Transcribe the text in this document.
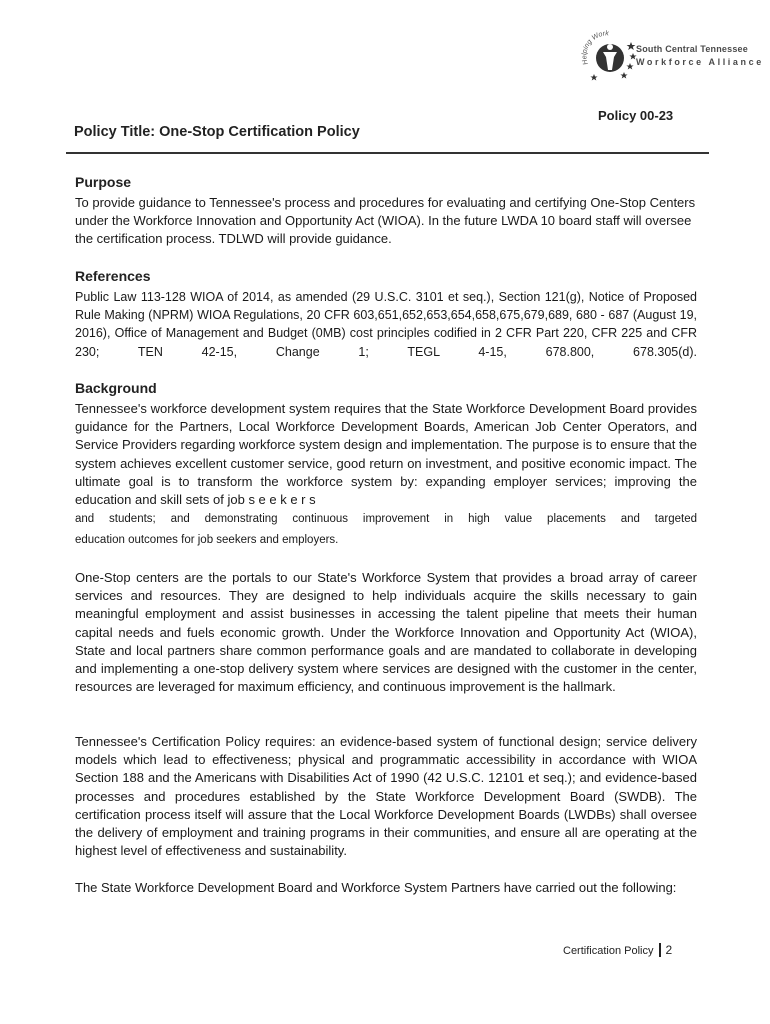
Helping Work
South Central Tennessee
Workforce Alliance
Policy 00-23
Policy Title: One-Stop Certification Policy
Purpose

To provide guidance to Tennessee's process and procedures for evaluating and certifying One-Stop Centers under the Workforce Innovation and Opportunity Act (WIOA). In the future LWDA 10 board staff will oversee the certification process. TDLWD will provide guidance.

References

Public Law 113-128 WIOA of 2014, as amended (29 U.S.C. 3101 et seq.), Section 121(g), Notice of Proposed Rule Making (NPRM) WIOA Regulations, 20 CFR 603,651,652,653,654,658,675,679,689, 680 - 687 (August 19, 2016), Office of Management and Budget (0MB) cost principles codified in 2 CFR Part 220, CFR 225 and CFR 230; TEN 42-15, Change 1; TEGL 4-15, 678.800, 678.305(d).

Background

Tennessee's workforce development system requires that the State Workforce Development Board provides guidance for the Partners, Local Workforce Development Boards, American Job Center Operators, and Service Providers regarding workforce system design and implementation. The purpose is to ensure that the system achieves excellent customer service, good return on investment, and positive economic impact. The ultimate goal is to transform the workforce system by: expanding employer services; improving the education and skill sets of job seekers

and students; and demonstrating continuous improvement in high value placements and targeted

education outcomes for job seekers and employers.

One-Stop centers are the portals to our State's Workforce System that provides a broad array of career services and resources. They are designed to help individuals acquire the skills necessary to gain meaningful employment and assist businesses in accessing the talent pipeline that meets their human capital needs and fuels economic growth. Under the Workforce Innovation and Opportunity Act (WIOA), State and local partners share common performance goals and are mandated to collaborate in developing and implementing a one-stop delivery system where services are designed with the customer in the center, resources are leveraged for maximum efficiency, and continuous improvement is the hallmark.

Tennessee's Certification Policy requires: an evidence-based system of functional design; service delivery models which lead to effectiveness; physical and programmatic accessibility in accordance with WIOA Section 188 and the Americans with Disabilities Act of 1990 (42 U.S.C. 12101 et seq.); and evidence-based processes and procedures established by the State Workforce Development Board (SWDB). The certification process itself will assure that the Local Workforce Development Boards (LWDBs) shall oversee the delivery of employment and training programs in their communities, and ensure all are operating at the highest level of effectiveness and sustainability.

The State Workforce Development Board and Workforce System Partners have carried out the following:

Certification Policy 2
